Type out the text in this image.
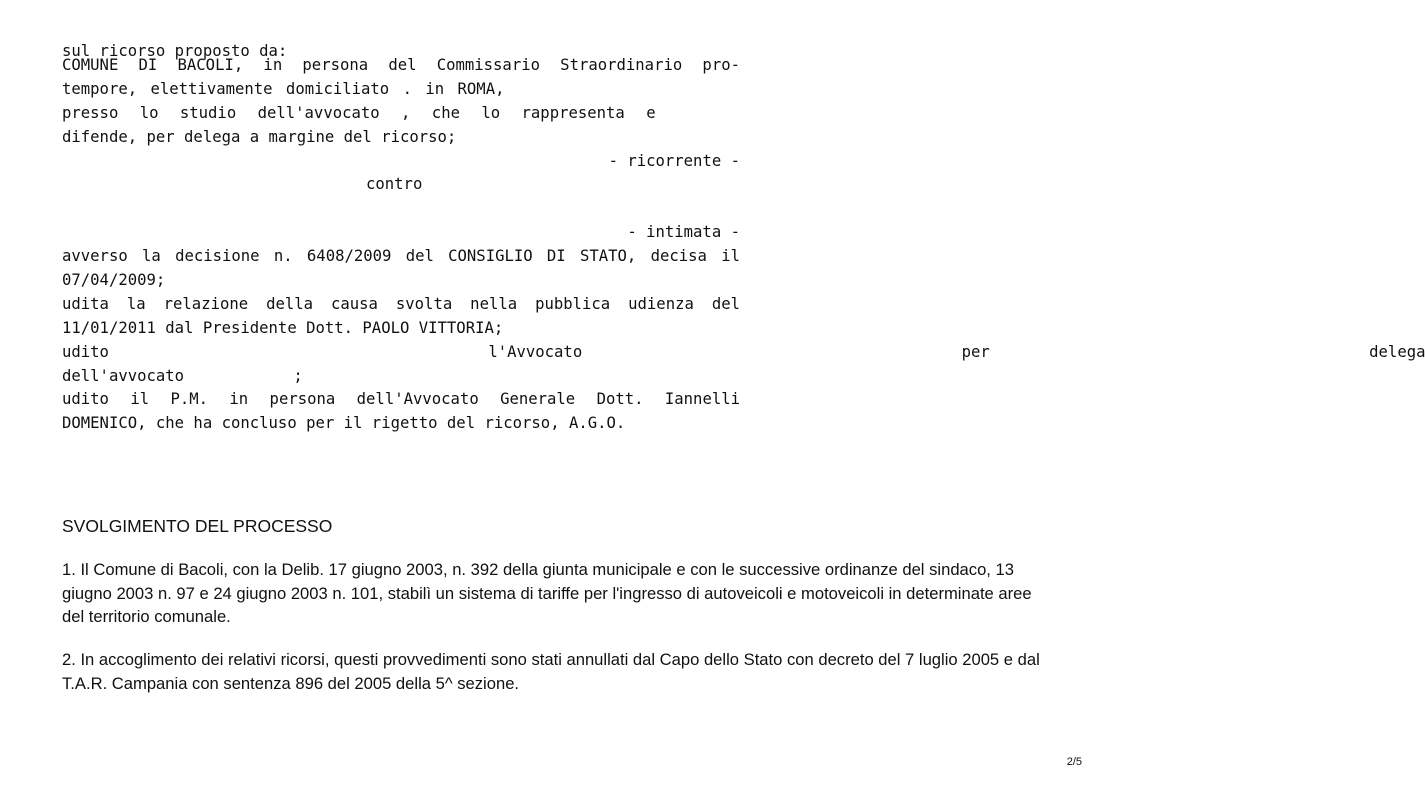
sul ricorso proposto da:
COMUNE DI BACOLI, in persona del Commissario Straordinario pro-
tempore, elettivamente domiciliato . in ROMA,
presso lo studio dell'avvocato , che lo rappresenta e
difende, per delega a margine del ricorso;
- ricorrente -
contro
- intimata -
avverso la decisione n. 6408/2009 del CONSIGLIO DI STATO, decisa il
07/04/2009;
udita la relazione della causa svolta nella pubblica udienza del
11/01/2011 dal Presidente Dott. PAOLO VITTORIA;
udito l'Avvocato per delega
dell'avvocato ;
udito il P.M. in persona dell'Avvocato Generale Dott. Iannelli
DOMENICO, che ha concluso per il rigetto del ricorso, A.G.O.
SVOLGIMENTO DEL PROCESSO

1. Il Comune di Bacoli, con la Delib. 17 giugno 2003, n. 392 della giunta municipale e con le successive ordinanze del sindaco, 13 giugno 2003 n. 97 e 24 giugno 2003 n. 101, stabilì un sistema di tariffe per l'ingresso di autoveicoli e motoveicoli in determinate aree del territorio comunale.

2. In accoglimento dei relativi ricorsi, questi provvedimenti sono stati annullati dal Capo dello Stato con decreto del 7 luglio 2005 e dal T.A.R. Campania con sentenza 896 del 2005 della 5^ sezione.

2/5
